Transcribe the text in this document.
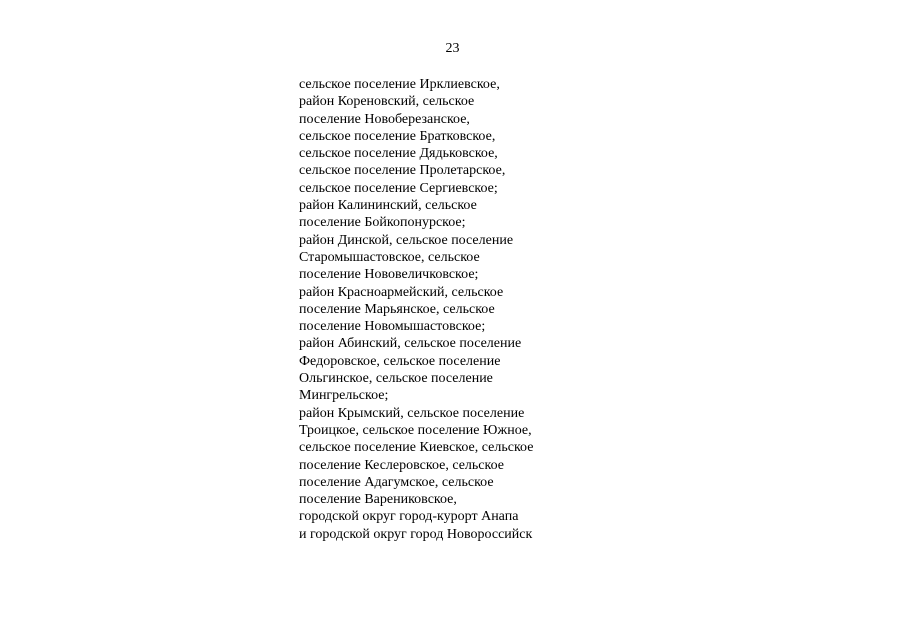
23

сельское поселение Ирклиевское,

район Кореновский, сельское

поселение Новоберезанское,

сельское поселение Братковское,

сельское поселение Дядьковское,

сельское поселение Пролетарское,

сельское поселение Сергиевское;

район Калининский, сельское

поселение Бойкопонурское;

район Динской, сельское поселение

Старомышастовское, сельское

поселение Нововеличковское;

район Красноармейский, сельское

поселение Марьянское, сельское

поселение Новомышастовское;

район Абинский, сельское поселение

Федоровское, сельское поселение

Ольгинское, сельское поселение

Мингрельское;

район Крымский, сельское поселение

Троицкое, сельское поселение Южное,

сельское поселение Киевское, сельское

поселение Кеслеровское, сельское

поселение Адагумское, сельское

поселение Варениковское,

городской округ город-курорт Анапа

и городской округ город Новороссийск
